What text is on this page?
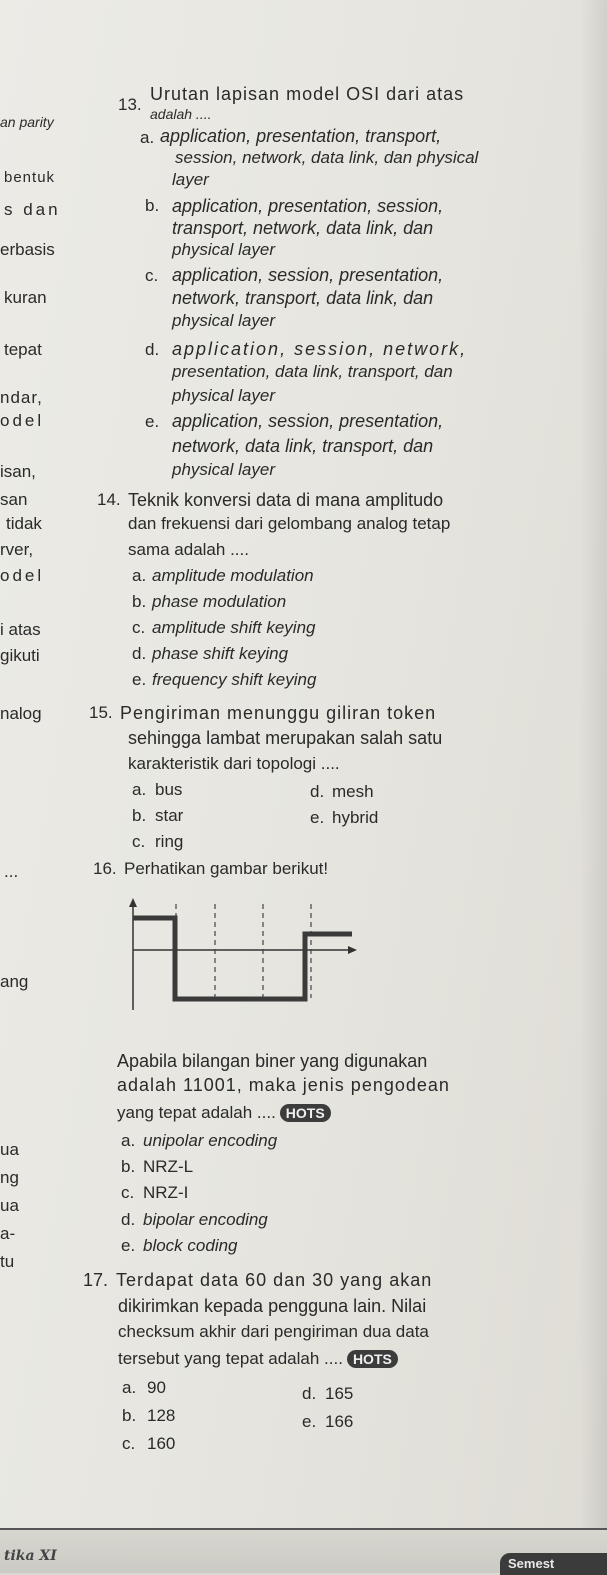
an parity
bentuk
s dan
erbasis
kuran
tepat
ndar,
odel
isan,
san
tidak
rver,
odel
i atas
gikuti
nalog
...
ang
ua
ng
ua
a-
tu
13.
Urutan lapisan model OSI dari atas
adalah ....
a. application, presentation, transport,
session, network, data link, dan physical
layer
b. application, presentation, session,
transport, network, data link, dan
physical layer
c. application, session, presentation,
network, transport, data link, dan
physical layer
d. application, session, network,
presentation, data link, transport, dan
physical layer
e. application, session, presentation,
network, data link, transport, dan
physical layer
14. Teknik konversi data di mana amplitudo
dan frekuensi dari gelombang analog tetap
sama adalah ....
a. amplitude modulation
b. phase modulation
c. amplitude shift keying
d. phase shift keying
e. frequency shift keying
15. Pengiriman menunggu giliran token
sehingga lambat merupakan salah satu
karakteristik dari topologi ....
a. bus
b. star
c. ring
d. mesh
e. hybrid
16. Perhatikan gambar berikut!
Apabila bilangan biner yang digunakan
adalah 11001, maka jenis pengodean
yang tepat adalah .... HOTS
a. unipolar encoding
b. NRZ-L
c. NRZ-I
d. bipolar encoding
e. block coding
17. Terdapat data 60 dan 30 yang akan
dikirimkan kepada pengguna lain. Nilai
checksum akhir dari pengiriman dua data
tersebut yang tepat adalah .... HOTS
a. 90
b. 128
c. 160
d. 165
e. 166
tika XI	Semest
